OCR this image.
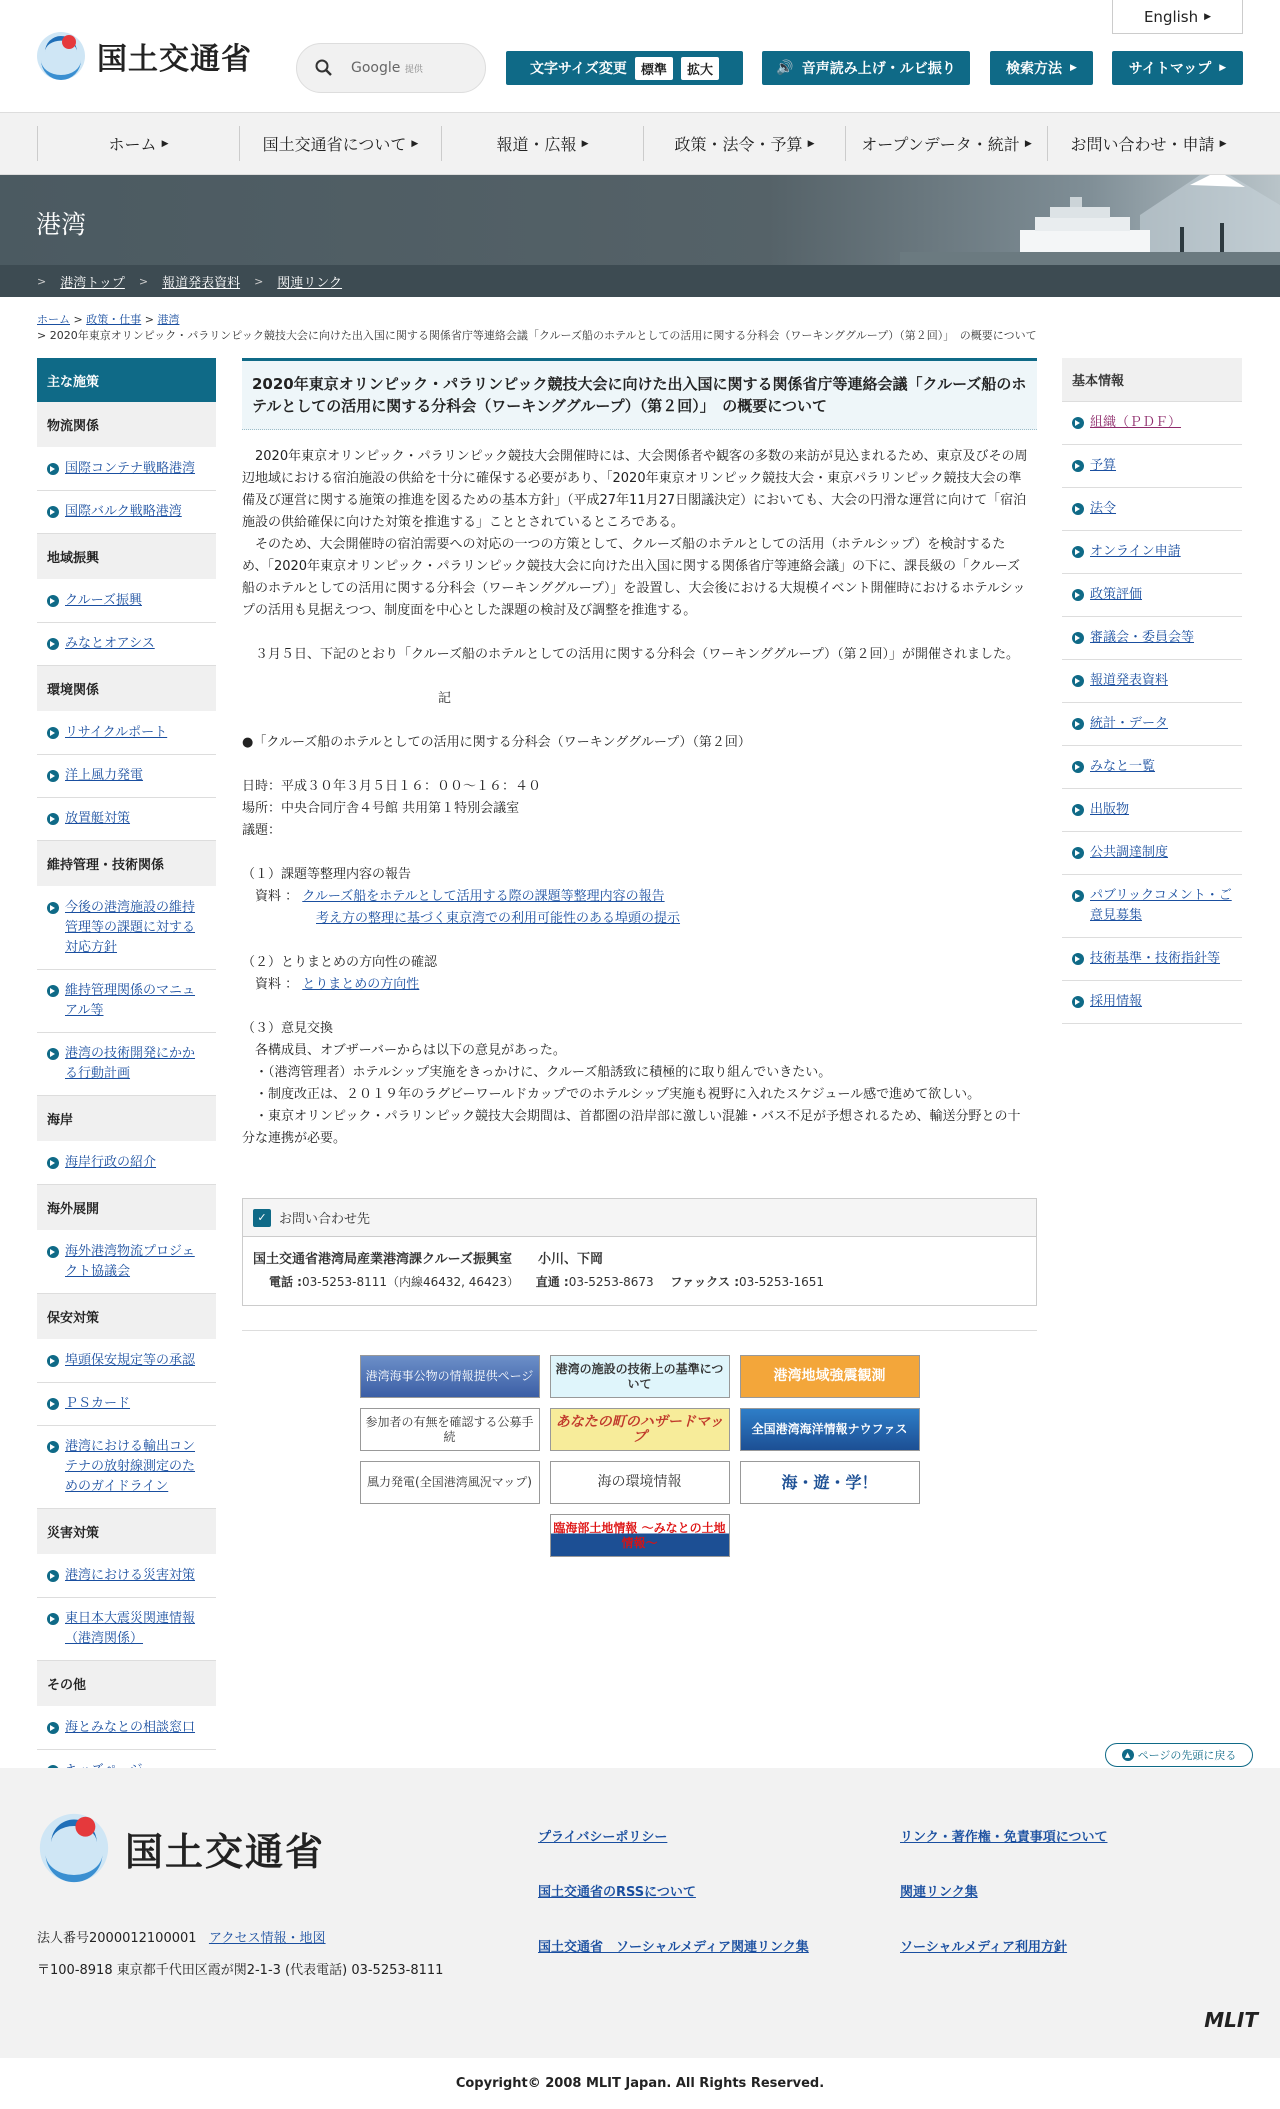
国土交通省
English ▶
Google 提供	文字サイズ変更	標準	拡大	🔊 音声読み上げ・ルビ振り	検索方法 ▶	サイトマップ ▶
ホーム
▶	国土交通省について
▶	報道・広報
▶	政策・法令・予算
▶	オープンデータ・統計
▶ お問い合わせ・申請
▶
港湾
> 港湾トップ > 報道発表資料 > 関連リンク
ホーム > 政策・仕事 > 港湾
> 2020年東京オリンピック・パラリンピック競技大会に向けた出入国に関する関係省庁等連絡会議「クルーズ船のホテルとしての活用に関する分科会（ワーキンググループ）（第２回）」　の概要について
主な施策
物流関係
国際コンテナ戦略港湾
国際バルク戦略港湾
地域振興
クルーズ振興
みなとオアシス
環境関係
リサイクルポート
洋上風力発電
放置艇対策
維持管理・技術関係
今後の港湾施設の維持管理等の課題に対する対応方針
維持管理関係のマニュアル等
港湾の技術開発にかかる行動計画
海岸
海岸行政の紹介
海外展開
海外港湾物流プロジェクト協議会
保安対策
埠頭保安規定等の承認
ＰＳカード
港湾における輸出コンテナの放射線測定のためのガイドライン
災害対策
港湾における災害対策
東日本大震災関連情報（港湾関係）
その他
海とみなとの相談窓口
2020年東京オリンピック・パラリンピック競技大会に向けた出入国に関する関係省庁等連絡会議「クルーズ船のホテルとしての活用に関する分科会（ワーキンググループ）（第２回）」　の概要について

　2020年東京オリンピック・パラリンピック競技大会開催時には、大会関係者や観客の多数の来訪が見込まれるため、東京及びその周辺地域における宿泊施設の供給を十分に確保する必要があり、「2020年東京オリンピック競技大会・東京パラリンピック競技大会の準備及び運営に関する施策の推進を図るための基本方針」（平成27年11月27日閣議決定）においても、大会の円滑な運営に向けて「宿泊施設の供給確保に向けた対策を推進する」こととされているところである。

　そのため、大会開催時の宿泊需要への対応の一つの方策として、クルーズ船のホテルとしての活用（ホテルシップ）を検討するため、「2020年東京オリンピック・パラリンピック競技大会に向けた出入国に関する関係省庁等連絡会議」の下に、課長級の「クルーズ船のホテルとしての活用に関する分科会（ワーキンググループ）」を設置し、大会後における大規模イベント開催時におけるホテルシップの活用も見据えつつ、制度面を中心とした課題の検討及び調整を推進する。

　３月５日、下記のとおり「クルーズ船のホテルとしての活用に関する分科会（ワーキンググループ）（第２回）」が開催されました。

記

●「クルーズ船のホテルとしての活用に関する分科会（ワーキンググループ）（第２回）

日時：平成３０年３月５日１６：００～１６：４０

場所：中央合同庁舎４号館 共用第１特別会議室

議題：

（１）課題等整理内容の報告

　資料 ： クルーズ船をホテルとして活用する際の課題等整理内容の報告

考え方の整理に基づく東京湾での利用可能性のある埠頭の提示

（２）とりまとめの方向性の確認

　資料 ： とりまとめの方向性

（３）意見交換

　各構成員、オブザーバーからは以下の意見があった。

　・（港湾管理者）ホテルシップ実施をきっかけに、クルーズ船誘致に積極的に取り組んでいきたい。

　・制度改正は、２０１９年のラグビーワールドカップでのホテルシップ実施も視野に入れたスケジュール感で進めて欲しい。

　・東京オリンピック・パラリンピック競技大会期間は、首都圏の沿岸部に激しい混雑・バス不足が予想されるため、輸送分野との十分な連携が必要。

✓ お問い合わせ先
国土交通省港湾局産業港湾課クルーズ振興室　　小川、下岡
電話 :03-5253-8111（内線46432, 46423） 直通 :03-5253-8673 ファックス :03-5253-1651
港湾海事公物の情報提供ページ
港湾の施設の技術上の基準について	港湾地域強震観測
参加者の有無を確認する公募手続
あなたの町のハザードマップ	全国港湾海洋情報ナウファス
風力発電(全国港湾風況マップ)	海の環境情報	海・遊・学！
臨海部土地情報 〜みなとの土地情報〜
基本情報
組織（ＰＤＦ）
予算
法令
オンライン申請
政策評価
審議会・委員会等
報道発表資料
統計・データ
みなと一覧
出版物
公共調達制度
パブリックコメント・ご意見募集
技術基準・技術指針等
採用情報
▲ ページの先頭に戻る
国土交通省
法人番号2000012100001 アクセス情報・地図
〒100-8918 東京都千代田区霞が関2-1-3 (代表電話) 03-5253-8111
プライバシーポリシー	リンク・著作権・免責事項について
国土交通省のRSSについて	関連リンク集
国土交通省　ソーシャルメディア関連リンク集	ソーシャルメディア利用方針
MLIT
Copyright© 2008 MLIT Japan. All Rights Reserved.
